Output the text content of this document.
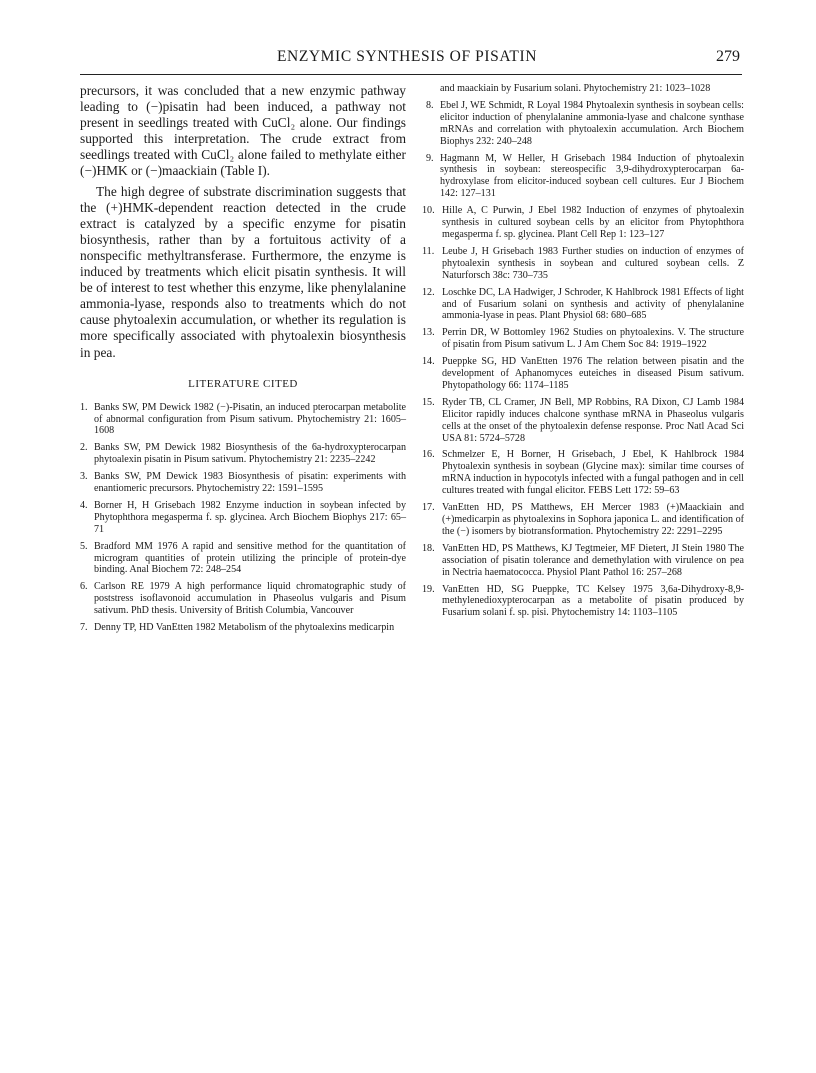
ENZYMIC SYNTHESIS OF PISATIN	279

precursors, it was concluded that a new enzymic pathway leading to (−)pisatin had been induced, a pathway not present in seedlings treated with CuCl₂ alone. Our findings supported this interpretation. The crude extract from seedlings treated with CuCl₂ alone failed to methylate either (−)HMK or (−)maackiain (Table I).

The high degree of substrate discrimination suggests that the (+)HMK-dependent reaction detected in the crude extract is catalyzed by a specific enzyme for pisatin biosynthesis, rather than by a fortuitous activity of a nonspecific methyltransferase. Furthermore, the enzyme is induced by treatments which elicit pisatin synthesis. It will be of interest to test whether this enzyme, like phenylalanine ammonia-lyase, responds also to treatments which do not cause phytoalexin accumulation, or whether its regulation is more specifically associated with phytoalexin biosynthesis in pea.

LITERATURE CITED
1. Banks SW, PM Dewick 1982 (−)-Pisatin, an induced pterocarpan metabolite of abnormal configuration from Pisum sativum. Phytochemistry 21: 1605–1608
2. Banks SW, PM Dewick 1982 Biosynthesis of the 6a-hydroxypterocarpan phytoalexin pisatin in Pisum sativum. Phytochemistry 21: 2235–2242
3. Banks SW, PM Dewick 1983 Biosynthesis of pisatin: experiments with enantiomeric precursors. Phytochemistry 22: 1591–1595
4. Borner H, H Grisebach 1982 Enzyme induction in soybean infected by Phytophthora megasperma f. sp. glycinea. Arch Biochem Biophys 217: 65–71
5. Bradford MM 1976 A rapid and sensitive method for the quantitation of microgram quantities of protein utilizing the principle of protein-dye binding. Anal Biochem 72: 248–254
6. Carlson RE 1979 A high performance liquid chromatographic study of poststress isoflavonoid accumulation in Phaseolus vulgaris and Pisum sativum. PhD thesis. University of British Columbia, Vancouver
7. Denny TP, HD VanEtten 1982 Metabolism of the phytoalexins medicarpin

and maackiain by Fusarium solani. Phytochemistry 21: 1023–1028

8. Ebel J, WE Schmidt, R Loyal 1984 Phytoalexin synthesis in soybean cells: elicitor induction of phenylalanine ammonia-lyase and chalcone synthase mRNAs and correlation with phytoalexin accumulation. Arch Biochem Biophys 232: 240–248
9. Hagmann M, W Heller, H Grisebach 1984 Induction of phytoalexin synthesis in soybean: stereospecific 3,9-dihydroxypterocarpan 6a-hydroxylase from elicitor-induced soybean cell cultures. Eur J Biochem 142: 127–131
10. Hille A, C Purwin, J Ebel 1982 Induction of enzymes of phytoalexin synthesis in cultured soybean cells by an elicitor from Phytophthora megasperma f. sp. glycinea. Plant Cell Rep 1: 123–127
11. Leube J, H Grisebach 1983 Further studies on induction of enzymes of phytoalexin synthesis in soybean and cultured soybean cells. Z Naturforsch 38c: 730–735
12. Loschke DC, LA Hadwiger, J Schroder, K Hahlbrock 1981 Effects of light and of Fusarium solani on synthesis and activity of phenylalanine ammonia-lyase in peas. Plant Physiol 68: 680–685
13. Perrin DR, W Bottomley 1962 Studies on phytoalexins. V. The structure of pisatin from Pisum sativum L. J Am Chem Soc 84: 1919–1922
14. Pueppke SG, HD VanEtten 1976 The relation between pisatin and the development of Aphanomyces euteiches in diseased Pisum sativum. Phytopathology 66: 1174–1185
15. Ryder TB, CL Cramer, JN Bell, MP Robbins, RA Dixon, CJ Lamb 1984 Elicitor rapidly induces chalcone synthase mRNA in Phaseolus vulgaris cells at the onset of the phytoalexin defense response. Proc Natl Acad Sci USA 81: 5724–5728
16. Schmelzer E, H Borner, H Grisebach, J Ebel, K Hahlbrock 1984 Phytoalexin synthesis in soybean (Glycine max): similar time courses of mRNA induction in hypocotyls infected with a fungal pathogen and in cell cultures treated with fungal elicitor. FEBS Lett 172: 59–63
17. VanEtten HD, PS Matthews, EH Mercer 1983 (+)Maackiain and (+)medicarpin as phytoalexins in Sophora japonica L. and identification of the (−) isomers by biotransformation. Phytochemistry 22: 2291–2295
18. VanEtten HD, PS Matthews, KJ Tegtmeier, MF Dietert, JI Stein 1980 The association of pisatin tolerance and demethylation with virulence on pea in Nectria haematococca. Physiol Plant Pathol 16: 257–268
19. VanEtten HD, SG Pueppke, TC Kelsey 1975 3,6a-Dihydroxy-8,9-methylenedioxypterocarpan as a metabolite of pisatin produced by Fusarium solani f. sp. pisi. Phytochemistry 14: 1103–1105
